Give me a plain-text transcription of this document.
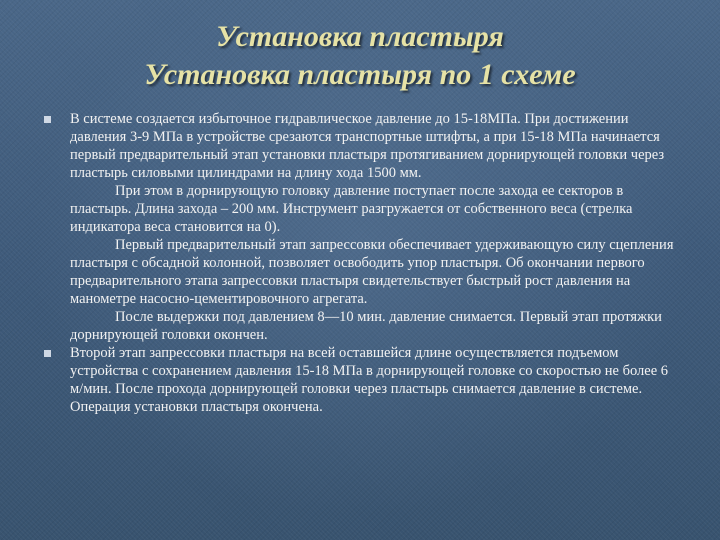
Установка пластыря
Установка пластыря по 1 схеме

В системе создается избыточное гидравлическое давление до 15-18МПа. При достижении давления 3-9 МПа в устройстве срезаются транспортные штифты, а при 15-18 МПа начинается первый предварительный этап установки пластыря протягиванием дорнирующей головки через пластырь силовыми цилиндрами на длину хода 1500 мм.

При этом в дорнирующую головку давление поступает после захода ее секторов в пластырь. Длина захода – 200 мм. Инструмент разгружается от собственного веса (стрелка индикатора веса становится на 0).

Первый предварительный этап запрессовки обеспечивает удерживающую силу сцепления пластыря с обсадной колонной, позволяет освободить упор пластыря. Об окончании первого предварительного этапа запрессовки пластыря свидетельствует быстрый рост давления на манометре насосно-цементировочного агрегата.

После выдержки под давлением 8—10 мин. давление снимается. Первый этап протяжки дорнирующей головки окончен.

Второй этап запрессовки пластыря на всей оставшейся длине осуществляется подъемом устройства с сохранением давления 15-18 МПа в дорнирующей головке со скоростью не более 6 м/мин. После прохода дорнирующей головки через пластырь снимается давление в системе. Операция установки пластыря окончена.
